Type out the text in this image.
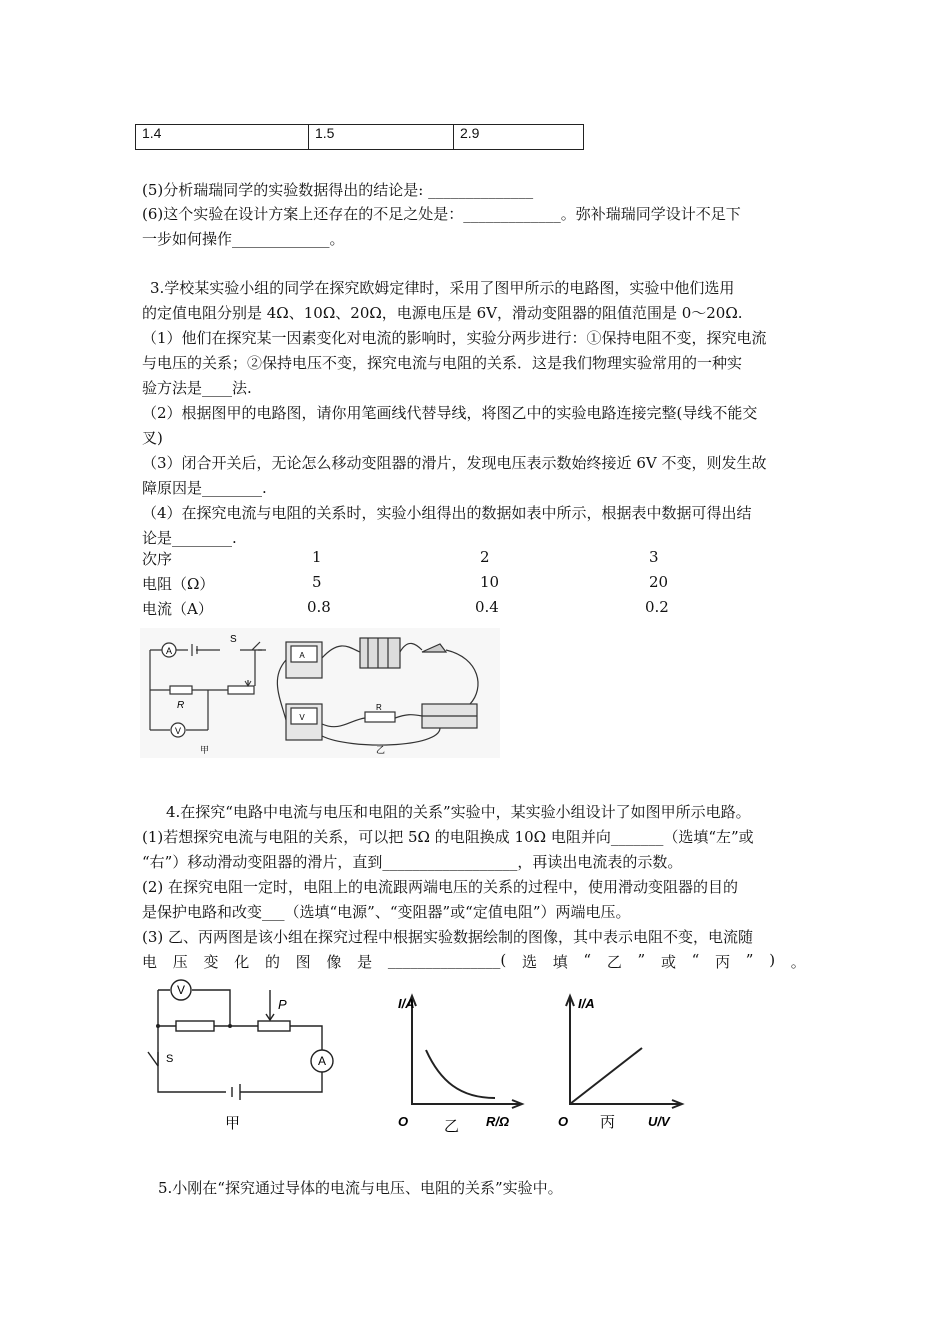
1.4	1.5	2.9
(5)分析瑞瑞同学的实验数据得出的结论是: ______________
(6)这个实验在设计方案上还存在的不足之处是：_____________。弥补瑞瑞同学设计不足下
一步如何操作_____________。
3.学校某实验小组的同学在探究欧姆定律时，采用了图甲所示的电路图，实验中他们选用
的定值电阻分别是 4Ω、10Ω、20Ω，电源电压是 6V，滑动变阻器的阻值范围是 0～20Ω.
（1）他们在探究某一因素变化对电流的影响时，实验分两步进行：①保持电阻不变，探究电流
与电压的关系；②保持电压不变，探究电流与电阻的关系．这是我们物理实验常用的一种实
验方法是____法.
（2）根据图甲的电路图，请你用笔画线代替导线，将图乙中的实验电路连接完整(导线不能交
叉)
（3）闭合开关后，无论怎么移动变阻器的滑片，发现电压表示数始终接近 6V 不变，则发生故
障原因是________.
（4）在探究电流与电阻的关系时，实验小组得出的数据如表中所示，根据表中数据可得出结
论是________.
次序	1	2	3
电阻（Ω）	5	10	20
电流（A）	0.8	0.4	0.2
A
V
S
R
甲
A
V
R
乙
4.在探究“电路中电流与电压和电阻的关系”实验中，某实验小组设计了如图甲所示电路。
(1)若想探究电流与电阻的关系，可以把 5Ω 的电阻换成 10Ω 电阻并向_______（选填“左”或
“右”）移动滑动变阻器的滑片，直到__________________，再读出电流表的示数。
(2) 在探究电阻一定时，电阻上的电流跟两端电压的关系的过程中，使用滑动变阻器的目的
是保护电路和改变___（选填“电源”、“变阻器”或“定值电阻”）两端电压。
(3) 乙、丙两图是该小组在探究过程中根据实验数据绘制的图像，其中表示电阻不变，电流随
电 压 变 化 的 图 像 是 _______________( 选 填 “ 乙 ” 或 “ 丙 ” ) 。
V
A
P
S
甲
I/A
R/Ω
O 乙
I/A
U/V
O 丙
5.小刚在“探究通过导体的电流与电压、电阻的关系”实验中。
